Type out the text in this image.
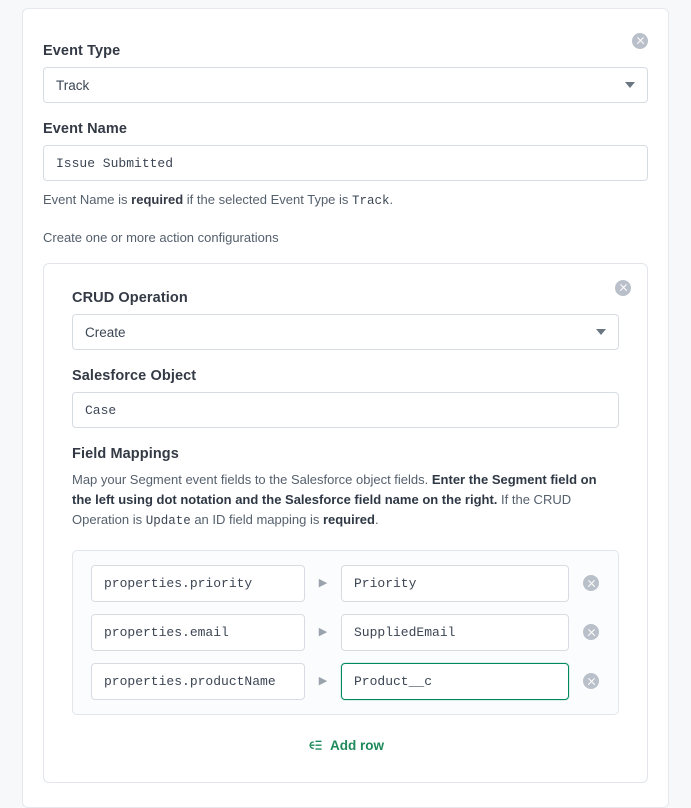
Event Type
Track
Event Name
Issue Submitted

Event Name is required if the selected Event Type is Track.

Create one or more action configurations

CRUD Operation
Create
Salesforce Object
Case
Field Mappings

Map your Segment event fields to the Salesforce object fields. Enter the Segment field on the left using dot notation and the Salesforce field name on the right. If the CRUD Operation is Update an ID field mapping is required.

properties.priority	▶	Priority
properties.email	▶	SuppliedEmail
properties.productName	▶	Product__c
Add row
